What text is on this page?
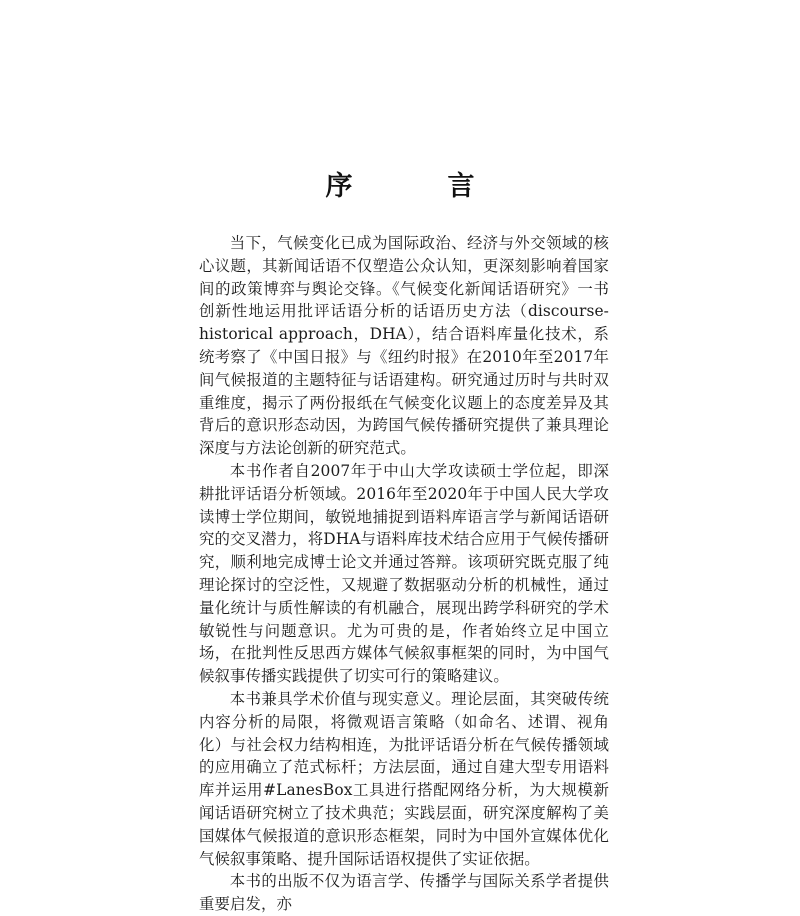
序　言

当下，气候变化已成为国际政治、经济与外交领域的核心议题，其新闻话语不仅塑造公众认知，更深刻影响着国家间的政策博弈与舆论交锋。《气候变化新闻话语研究》一书创新性地运用批评话语分析的话语历史方法（discourse-historical approach，DHA），结合语料库量化技术，系统考察了《中国日报》与《纽约时报》在2010年至2017年间气候报道的主题特征与话语建构。研究通过历时与共时双重维度，揭示了两份报纸在气候变化议题上的态度差异及其背后的意识形态动因，为跨国气候传播研究提供了兼具理论深度与方法论创新的研究范式。

本书作者自2007年于中山大学攻读硕士学位起，即深耕批评话语分析领域。2016年至2020年于中国人民大学攻读博士学位期间，敏锐地捕捉到语料库语言学与新闻话语研究的交叉潜力，将DHA与语料库技术结合应用于气候传播研究，顺利地完成博士论文并通过答辩。该项研究既克服了纯理论探讨的空泛性，又规避了数据驱动分析的机械性，通过量化统计与质性解读的有机融合，展现出跨学科研究的学术敏锐性与问题意识。尤为可贵的是，作者始终立足中国立场，在批判性反思西方媒体气候叙事框架的同时，为中国气候叙事传播实践提供了切实可行的策略建议。

本书兼具学术价值与现实意义。理论层面，其突破传统内容分析的局限，将微观语言策略（如命名、述谓、视角化）与社会权力结构相连，为批评话语分析在气候传播领域的应用确立了范式标杆；方法层面，通过自建大型专用语料库并运用#LanesBox工具进行搭配网络分析，为大规模新闻话语研究树立了技术典范；实践层面，研究深度解构了美国媒体气候报道的意识形态框架，同时为中国外宣媒体优化气候叙事策略、提升国际话语权提供了实证依据。

本书的出版不仅为语言学、传播学与国际关系学者提供重要启发，亦
